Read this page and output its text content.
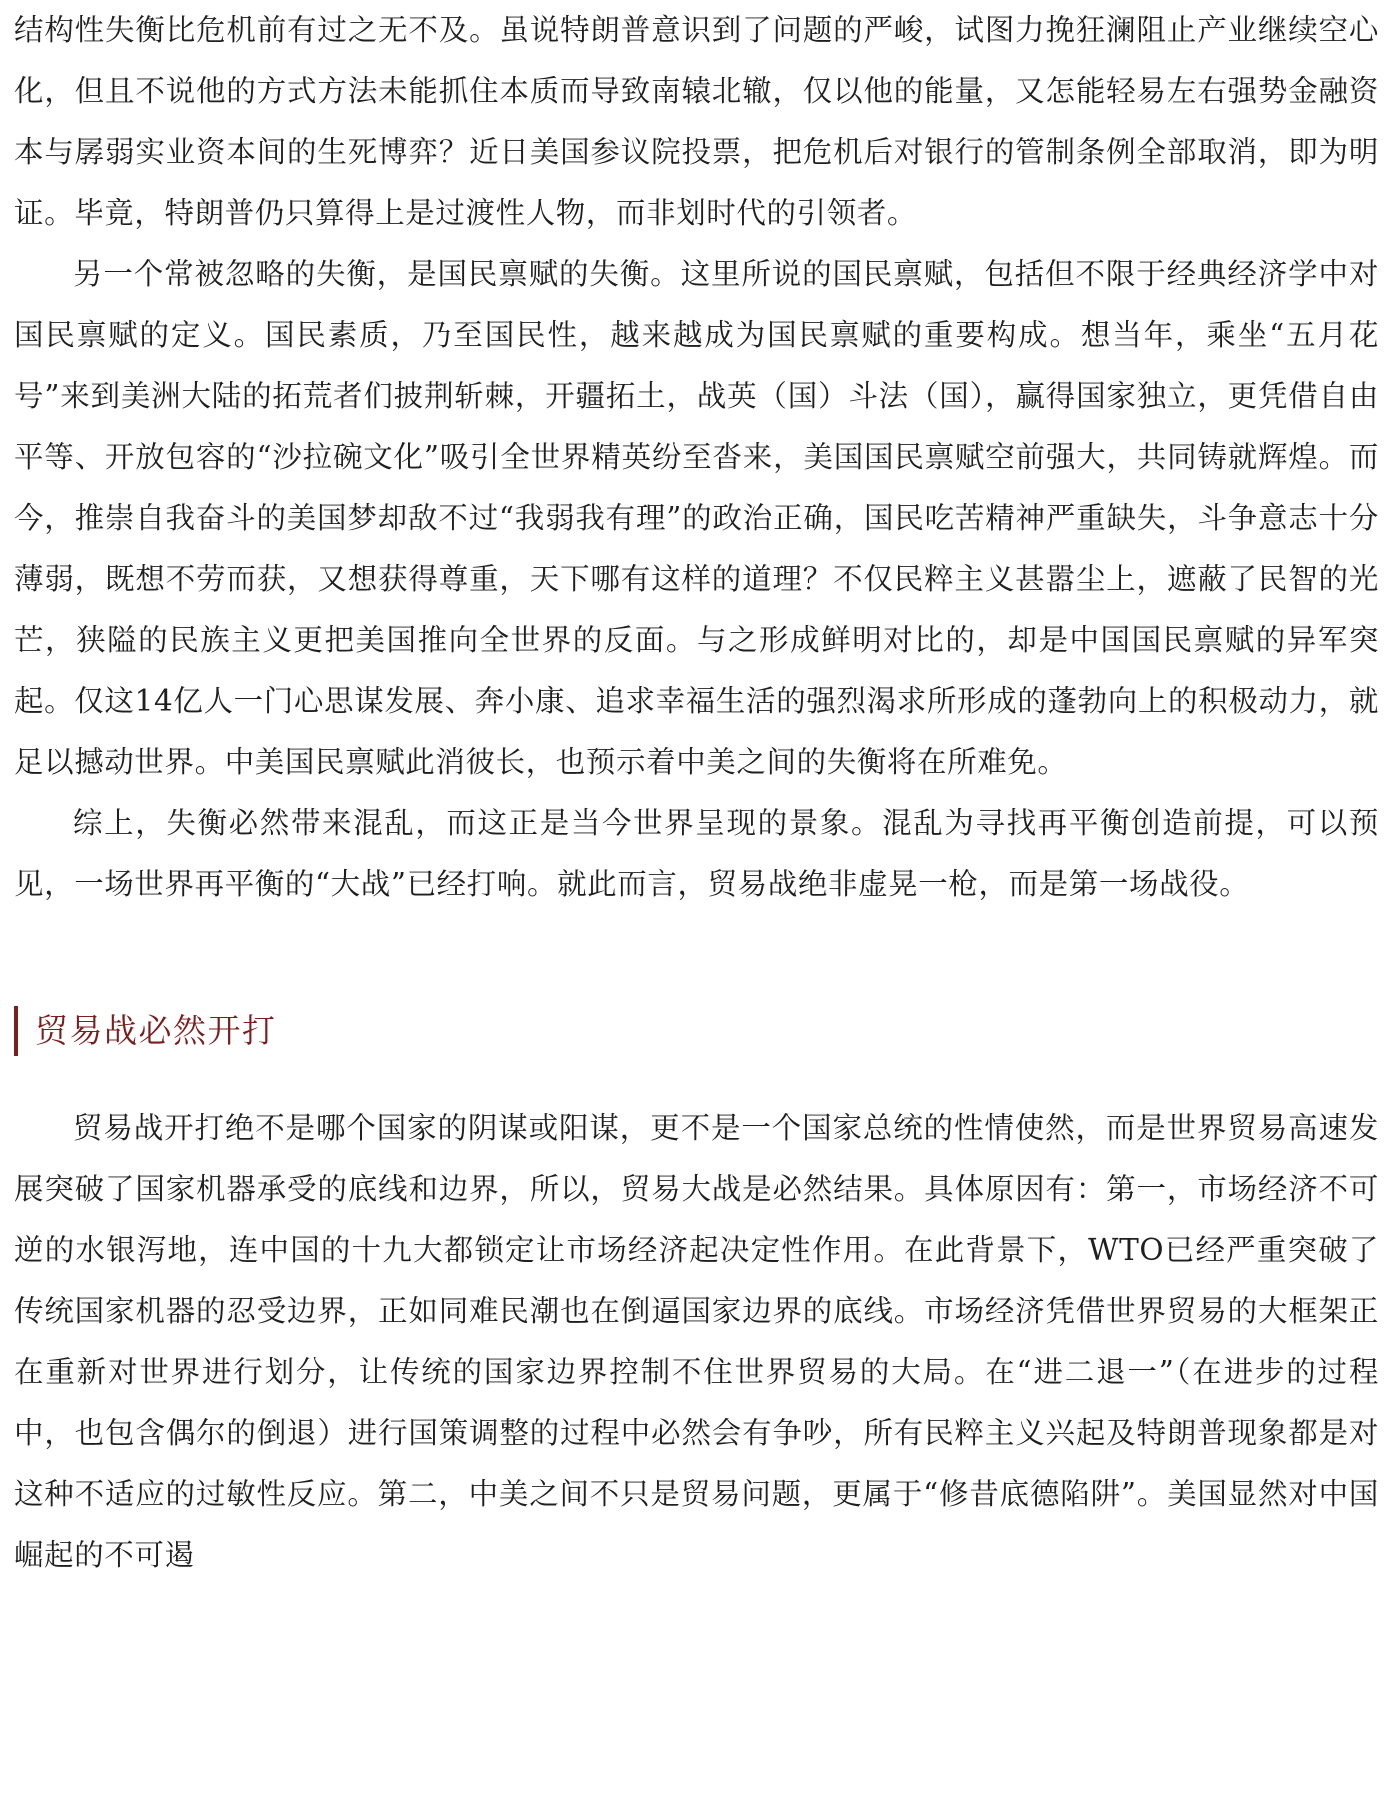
结构性失衡比危机前有过之无不及。虽说特朗普意识到了问题的严峻，试图力挽狂澜阻止产业继续空心化，但且不说他的方式方法未能抓住本质而导致南辕北辙，仅以他的能量，又怎能轻易左右强势金融资本与孱弱实业资本间的生死博弈？近日美国参议院投票，把危机后对银行的管制条例全部取消，即为明证。毕竟，特朗普仍只算得上是过渡性人物，而非划时代的引领者。

另一个常被忽略的失衡，是国民禀赋的失衡。这里所说的国民禀赋，包括但不限于经典经济学中对国民禀赋的定义。国民素质，乃至国民性，越来越成为国民禀赋的重要构成。想当年，乘坐“五月花号”来到美洲大陆的拓荒者们披荆斩棘，开疆拓土，战英（国）斗法（国），赢得国家独立，更凭借自由平等、开放包容的“沙拉碗文化”吸引全世界精英纷至沓来，美国国民禀赋空前强大，共同铸就辉煌。而今，推崇自我奋斗的美国梦却敌不过“我弱我有理”的政治正确，国民吃苦精神严重缺失，斗争意志十分薄弱，既想不劳而获，又想获得尊重，天下哪有这样的道理？不仅民粹主义甚嚣尘上，遮蔽了民智的光芒，狭隘的民族主义更把美国推向全世界的反面。与之形成鲜明对比的，却是中国国民禀赋的异军突起。仅这14亿人一门心思谋发展、奔小康、追求幸福生活的强烈渴求所形成的蓬勃向上的积极动力，就足以撼动世界。中美国民禀赋此消彼长，也预示着中美之间的失衡将在所难免。

综上，失衡必然带来混乱，而这正是当今世界呈现的景象。混乱为寻找再平衡创造前提，可以预见，一场世界再平衡的“大战”已经打响。就此而言，贸易战绝非虚晃一枪，而是第一场战役。

贸易战必然开打

贸易战开打绝不是哪个国家的阴谋或阳谋，更不是一个国家总统的性情使然，而是世界贸易高速发展突破了国家机器承受的底线和边界，所以，贸易大战是必然结果。具体原因有：第一，市场经济不可逆的水银泻地，连中国的十九大都锁定让市场经济起决定性作用。在此背景下，WTO已经严重突破了传统国家机器的忍受边界，正如同难民潮也在倒逼国家边界的底线。市场经济凭借世界贸易的大框架正在重新对世界进行划分，让传统的国家边界控制不住世界贸易的大局。在“进二退一”（在进步的过程中，也包含偶尔的倒退）进行国策调整的过程中必然会有争吵，所有民粹主义兴起及特朗普现象都是对这种不适应的过敏性反应。第二，中美之间不只是贸易问题，更属于“修昔底德陷阱”。美国显然对中国崛起的不可遏
